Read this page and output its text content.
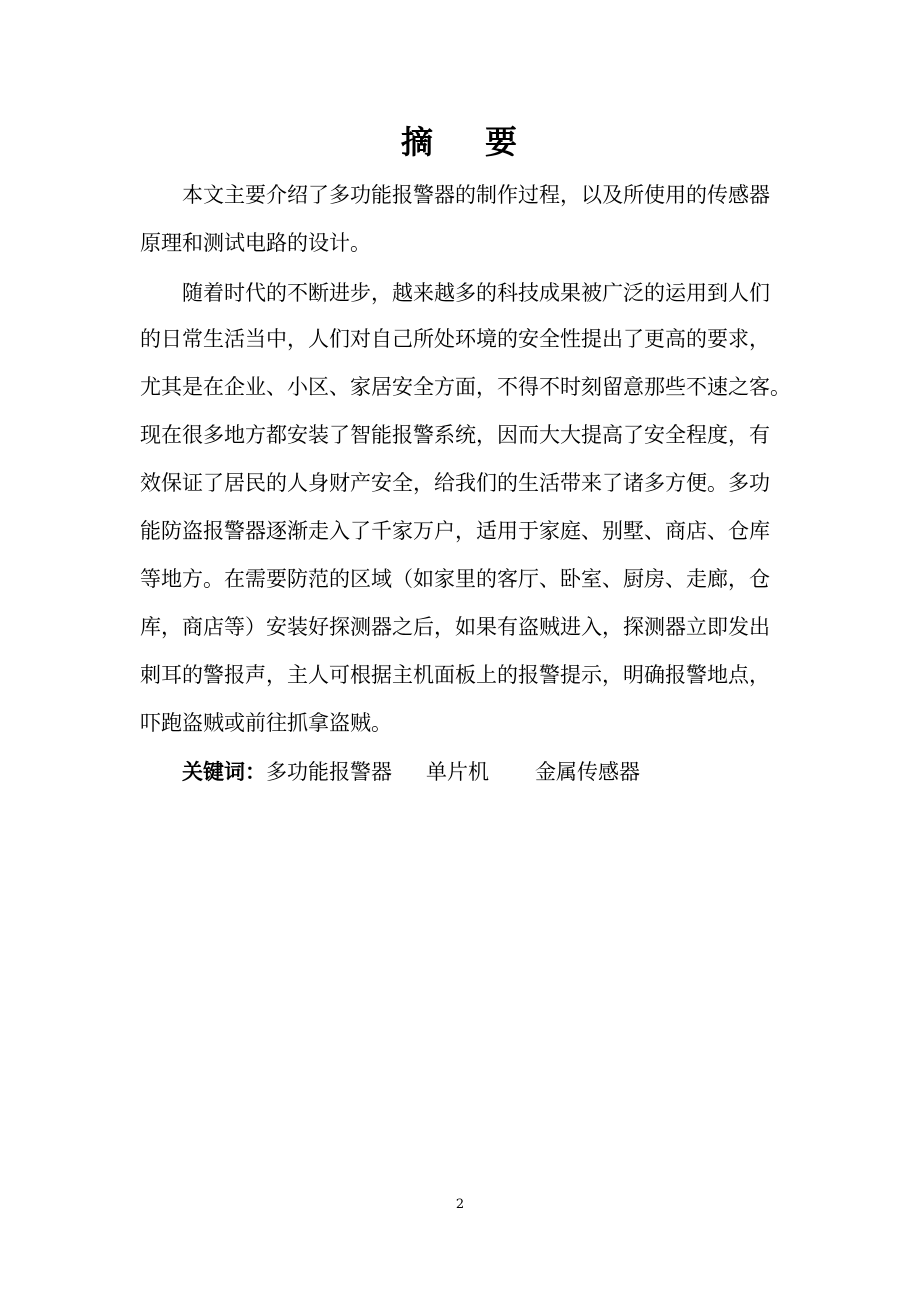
摘 要
本文主要介绍了多功能报警器的制作过程，以及所使用的传感器
原理和测试电路的设计。
随着时代的不断进步，越来越多的科技成果被广泛的运用到人们
的日常生活当中，人们对自己所处环境的安全性提出了更高的要求，
尤其是在企业、小区、家居安全方面，不得不时刻留意那些不速之客。
现在很多地方都安装了智能报警系统，因而大大提高了安全程度，有
效保证了居民的人身财产安全，给我们的生活带来了诸多方便。多功
能防盗报警器逐渐走入了千家万户，适用于家庭、别墅、商店、仓库
等地方。在需要防范的区域（如家里的客厅、卧室、厨房、走廊，仓
库，商店等）安装好探测器之后，如果有盗贼进入，探测器立即发出
刺耳的警报声，主人可根据主机面板上的报警提示，明确报警地点，
吓跑盗贼或前往抓拿盗贼。
关键词：多功能报警器 单片机 金属传感器
2
